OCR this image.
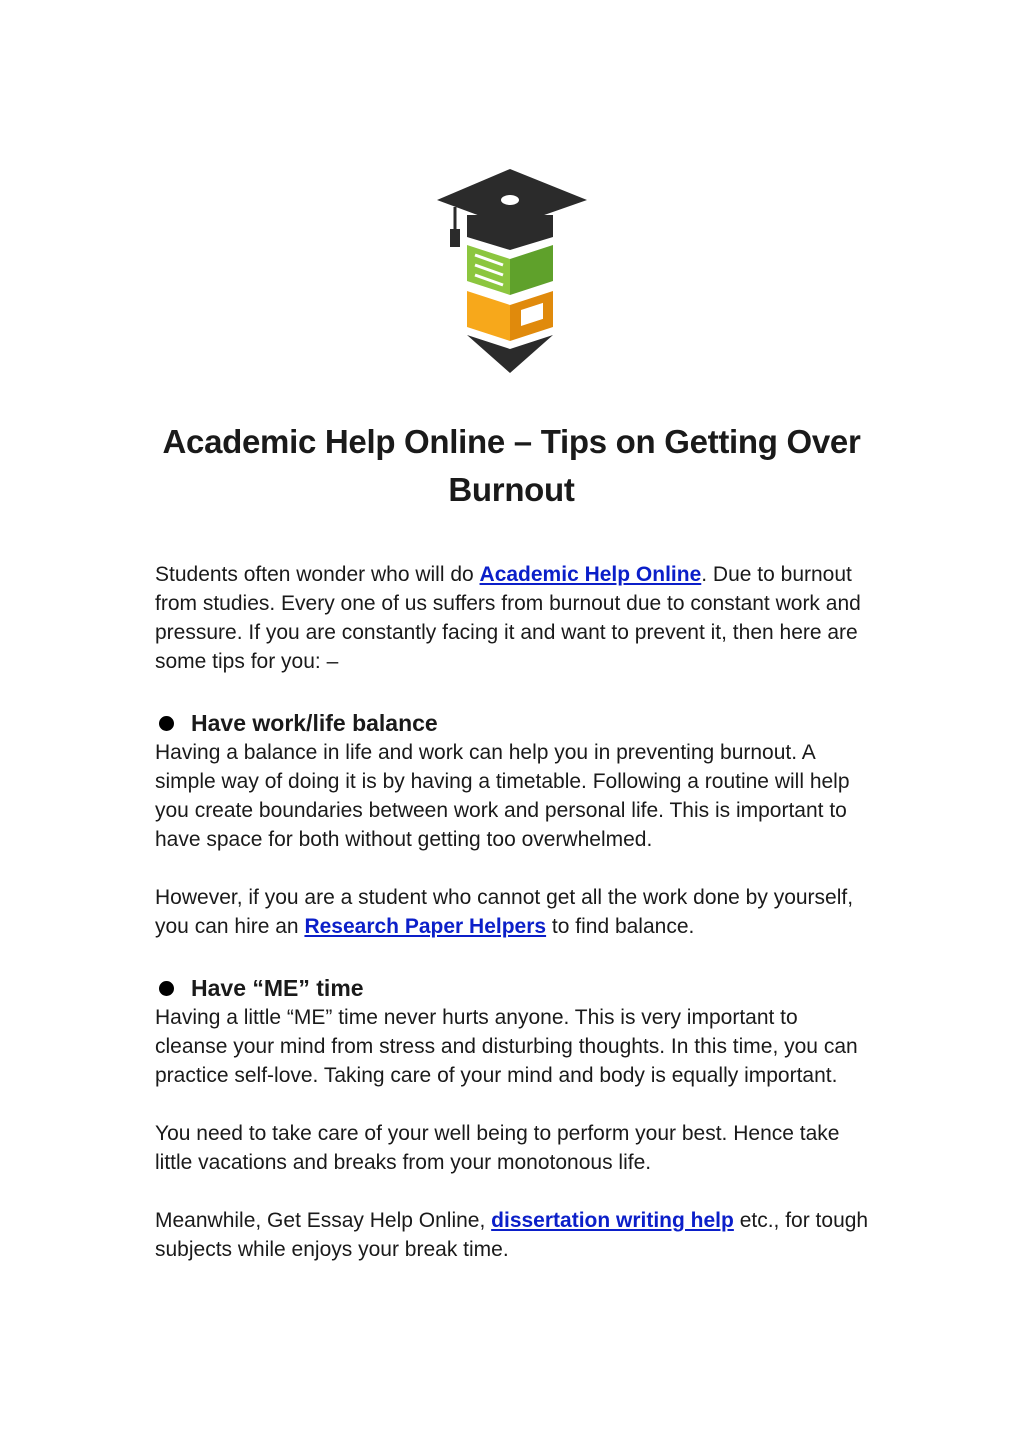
Academic Help Online – Tips on Getting Over
Burnout

Students often wonder who will do Academic Help Online. Due to burnout from studies. Every one of us suffers from burnout due to constant work and pressure. If you are constantly facing it and want to prevent it, then here are some tips for you: –

Have work/life balance

Having a balance in life and work can help you in preventing burnout. A simple way of doing it is by having a timetable. Following a routine will help you create boundaries between work and personal life. This is important to have space for both without getting too overwhelmed.

However, if you are a student who cannot get all the work done by yourself, you can hire an Research Paper Helpers to find balance.

Have “ME” time

Having a little “ME” time never hurts anyone. This is very important to cleanse your mind from stress and disturbing thoughts. In this time, you can practice self-love. Taking care of your mind and body is equally important.

You need to take care of your well being to perform your best. Hence take little vacations and breaks from your monotonous life.

Meanwhile, Get Essay Help Online, dissertation writing help etc., for tough subjects while enjoys your break time.
